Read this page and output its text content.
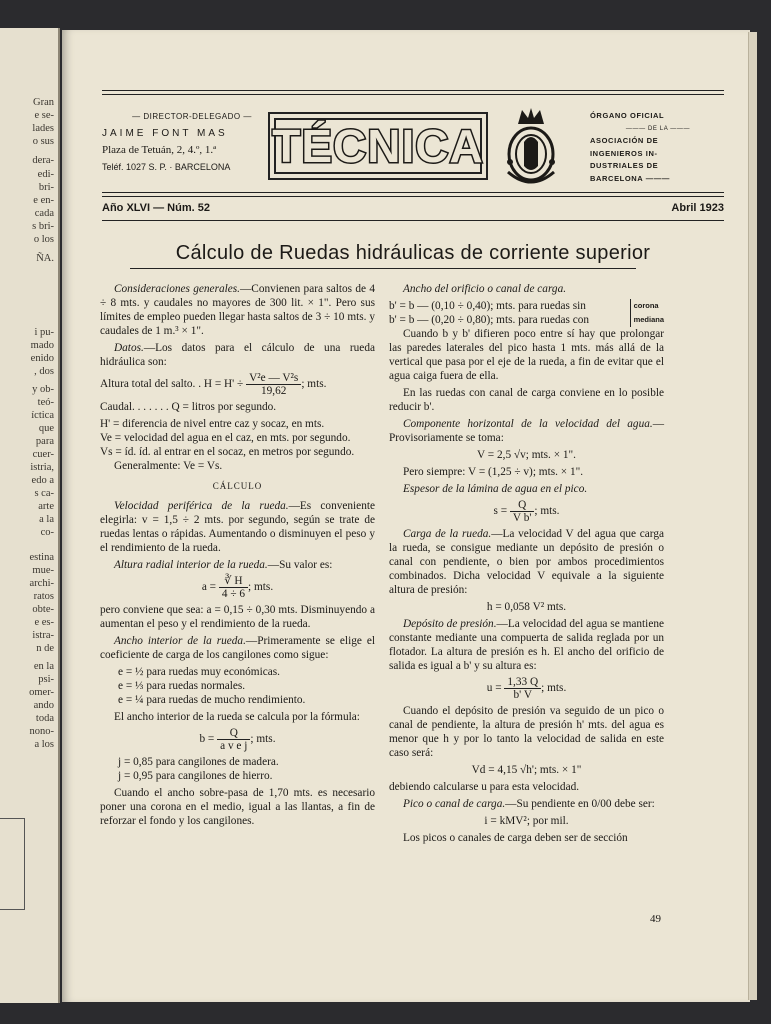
Gran
e se-
lades
o sus
dera-
edi-
bri-
e en-
cada
s bri-
o los
ÑA.
i pu-
mado
enido
, dos
y ob-
teó-
íctica
que
para
cuer-
istria,
edo a
s ca-
arte
a la
co-
estina
mue-
archi-
ratos
obte-
e es-
istra-
n de
en la
psi-
omer-
ando
toda
nono-
a los
— DIRECTOR-DELEGADO —
JAIME FONT MAS
Plaza de Tetuán, 2, 4.º, 1.ª
Teléf. 1027 S. P. · BARCELONA TÉCNICA
ÓRGANO OFICIAL
——— DE LA ———
ASOCIACIÓN DE
INGENIEROS IN-
DUSTRIALES DE
BARCELONA ———
Año XLVI — Núm. 52	Abril 1923
Cálculo de Ruedas hidráulicas de corriente superior

Consideraciones generales.—Convienen para saltos de 4 ÷ 8 mts. y caudales no mayores de 300 lit. × 1". Pero sus límites de empleo pueden llegar hasta saltos de 3 ÷ 10 mts. y caudales de 1 m.³ × 1".

Datos.—Los datos para el cálculo de una rueda hidráulica son:

Altura total del salto. . $H = H' \div \frac{\text{V²e — V²s}}{19,62}$ ; mts.

Caudal. . . . . . . Q = litros por segundo.

H' = diferencia de nivel entre caz y socaz, en mts.

Ve = velocidad del agua en el caz, en mts. por segundo.

Vs = íd. íd. al entrar en el socaz, en metros por segundo.

Generalmente: Ve = Vs.

CÁLCULO

Velocidad periférica de la rueda.—Es conveniente elegirla: v = 1,5 ÷ 2 mts. por segundo, según se trate de ruedas lentas o rápidas. Aumentando o disminuyen el peso y el rendimiento de la rueda.

Altura radial interior de la rueda.—Su valor es:

$a = \frac{∛ H}{4 \div 6}$ ; mts.

pero conviene que sea: a = 0,15 ÷ 0,30 mts. Disminuyendo a aumentan el peso y el rendimiento de la rueda.

Ancho interior de la rueda.—Primeramente se elige el coeficiente de carga de los cangilones como sigue:

e = ½ para ruedas muy económicas.

e = ⅓ para ruedas normales.

e = ¼ para ruedas de mucho rendimiento.

El ancho interior de la rueda se calcula por la fórmula:

$b = \frac{Q}{\text{a v e j}}$ ; mts.

j = 0,85 para cangilones de madera.

j = 0,95 para cangilones de hierro.

Cuando el ancho sobre-pasa de 1,70 mts. es necesario poner una corona en el medio, igual a las llantas, a fin de reforzar el fondo y los cangilones.

Ancho del orificio o canal de carga.

b' = b — (0,10 ÷ 0,40); mts. para ruedas sin
b' = b — (0,20 ÷ 0,80); mts. para ruedas con
corona
mediana

Cuando b y b' difieren poco entre sí hay que prolongar las paredes laterales del pico hasta 1 mts. más allá de la vertical que pasa por el eje de la rueda, a fin de evitar que el agua caiga fuera de ella.

En las ruedas con canal de carga conviene en lo posible reducir b'.

Componente horizontal de la velocidad del agua.— Provisoriamente se toma:

V = 2,5 √v; mts. × 1".

Pero siempre: V = (1,25 ÷ v); mts. × 1".

Espesor de la lámina de agua en el pico.

$s = \frac{Q}{\text{V b'}}$ ; mts.

Carga de la rueda.—La velocidad V del agua que carga la rueda, se consigue mediante un depósito de presión o canal con pendiente, o bien por ambos procedimientos combinados. Dicha velocidad V equivale a la siguiente altura de presión:

h = 0,058 V² mts.

Depósito de presión.—La velocidad del agua se mantiene constante mediante una compuerta de salida reglada por un flotador. La altura de presión es h. El ancho del orificio de salida es igual a b' y su altura es:

$u = \frac{1,33 Q}{b' V}$ ; mts.

Cuando el depósito de presión va seguido de un pico o canal de pendiente, la altura de presión h' mts. del agua es menor que h y por lo tanto la velocidad de salida en este caso será:

Vd = 4,15 √h'; mts. × 1"

debiendo calcularse u para esta velocidad.

Pico o canal de carga.—Su pendiente en 0/00 debe ser:

i = kMV²; por mil.

Los picos o canales de carga deben ser de sección

49
